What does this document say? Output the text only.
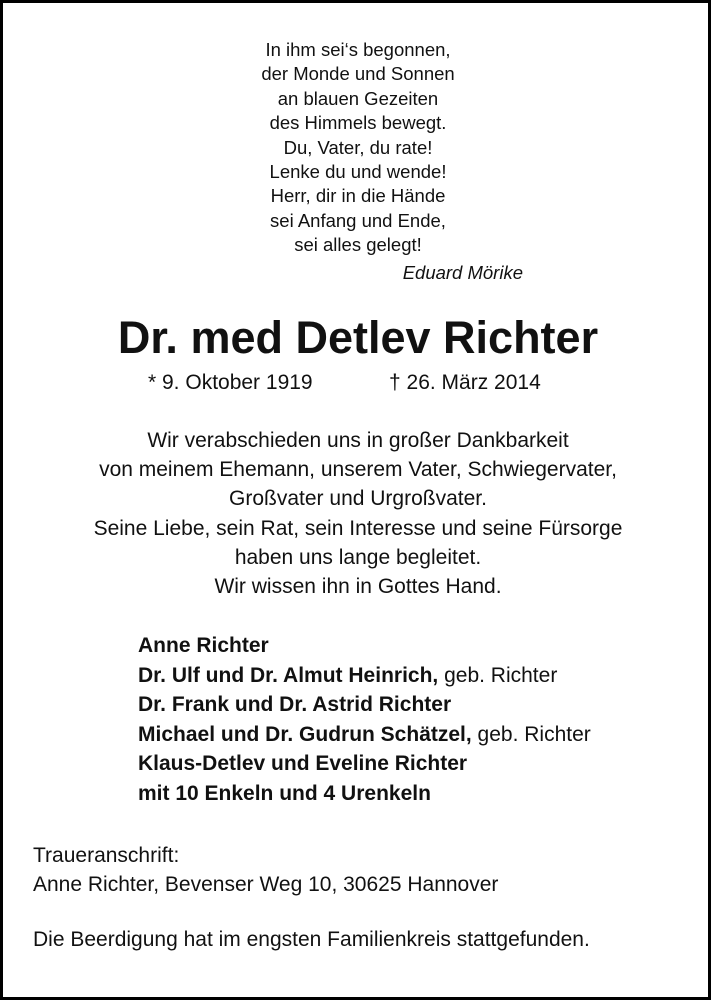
In ihm sei‘s begonnen,
der Monde und Sonnen
an blauen Gezeiten
des Himmels bewegt.
Du, Vater, du rate!
Lenke du und wende!
Herr, dir in die Hände
sei Anfang und Ende,
sei alles gelegt!
Eduard Mörike
Dr. med Detlev Richter
* 9. Oktober 1919	† 26. März 2014
Wir verabschieden uns in großer Dankbarkeit
von meinem Ehemann, unserem Vater, Schwiegervater,
Großvater und Urgroßvater.
Seine Liebe, sein Rat, sein Interesse und seine Fürsorge
haben uns lange begleitet.
Wir wissen ihn in Gottes Hand.
Anne Richter
Dr. Ulf und Dr. Almut Heinrich, geb. Richter
Dr. Frank und Dr. Astrid Richter
Michael und Dr. Gudrun Schätzel, geb. Richter
Klaus-Detlev und Eveline Richter
mit 10 Enkeln und 4 Urenkeln
Traueranschrift:
Anne Richter, Bevenser Weg 10, 30625 Hannover
Die Beerdigung hat im engsten Familienkreis stattgefunden.
